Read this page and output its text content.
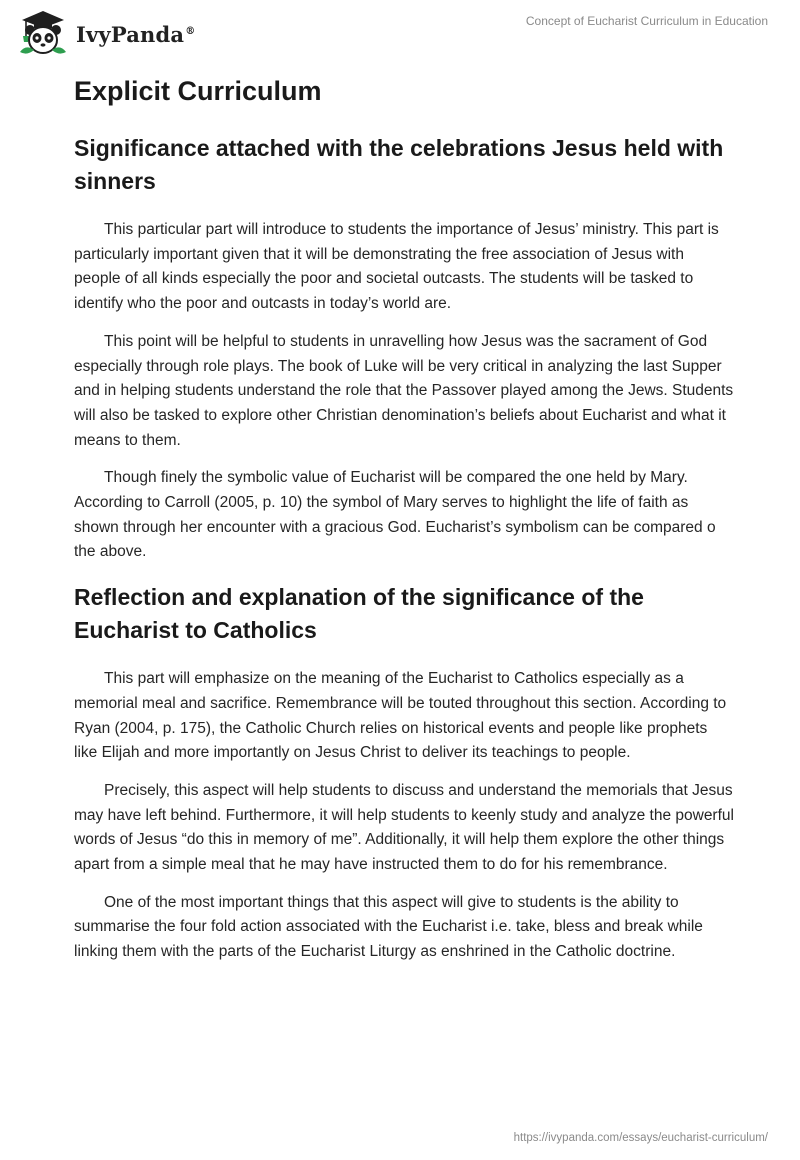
IvyPanda®
Concept of Eucharist Curriculum in Education
Explicit Curriculum
Significance attached with the celebrations Jesus held with sinners

This particular part will introduce to students the importance of Jesus’ ministry. This part is particularly important given that it will be demonstrating the free association of Jesus with people of all kinds especially the poor and societal outcasts. The students will be tasked to identify who the poor and outcasts in today’s world are.

This point will be helpful to students in unravelling how Jesus was the sacrament of God especially through role plays. The book of Luke will be very critical in analyzing the last Supper and in helping students understand the role that the Passover played among the Jews. Students will also be tasked to explore other Christian denomination’s beliefs about Eucharist and what it means to them.

Though finely the symbolic value of Eucharist will be compared the one held by Mary. According to Carroll (2005, p. 10) the symbol of Mary serves to highlight the life of faith as shown through her encounter with a gracious God. Eucharist’s symbolism can be compared o the above.

Reflection and explanation of the significance of the Eucharist to Catholics

This part will emphasize on the meaning of the Eucharist to Catholics especially as a memorial meal and sacrifice. Remembrance will be touted throughout this section. According to Ryan (2004, p. 175), the Catholic Church relies on historical events and people like prophets like Elijah and more importantly on Jesus Christ to deliver its teachings to people.

Precisely, this aspect will help students to discuss and understand the memorials that Jesus may have left behind. Furthermore, it will help students to keenly study and analyze the powerful words of Jesus “do this in memory of me”. Additionally, it will help them explore the other things apart from a simple meal that he may have instructed them to do for his remembrance.

One of the most important things that this aspect will give to students is the ability to summarise the four fold action associated with the Eucharist i.e. take, bless and break while linking them with the parts of the Eucharist Liturgy as enshrined in the Catholic doctrine.

https://ivypanda.com/essays/eucharist-curriculum/
